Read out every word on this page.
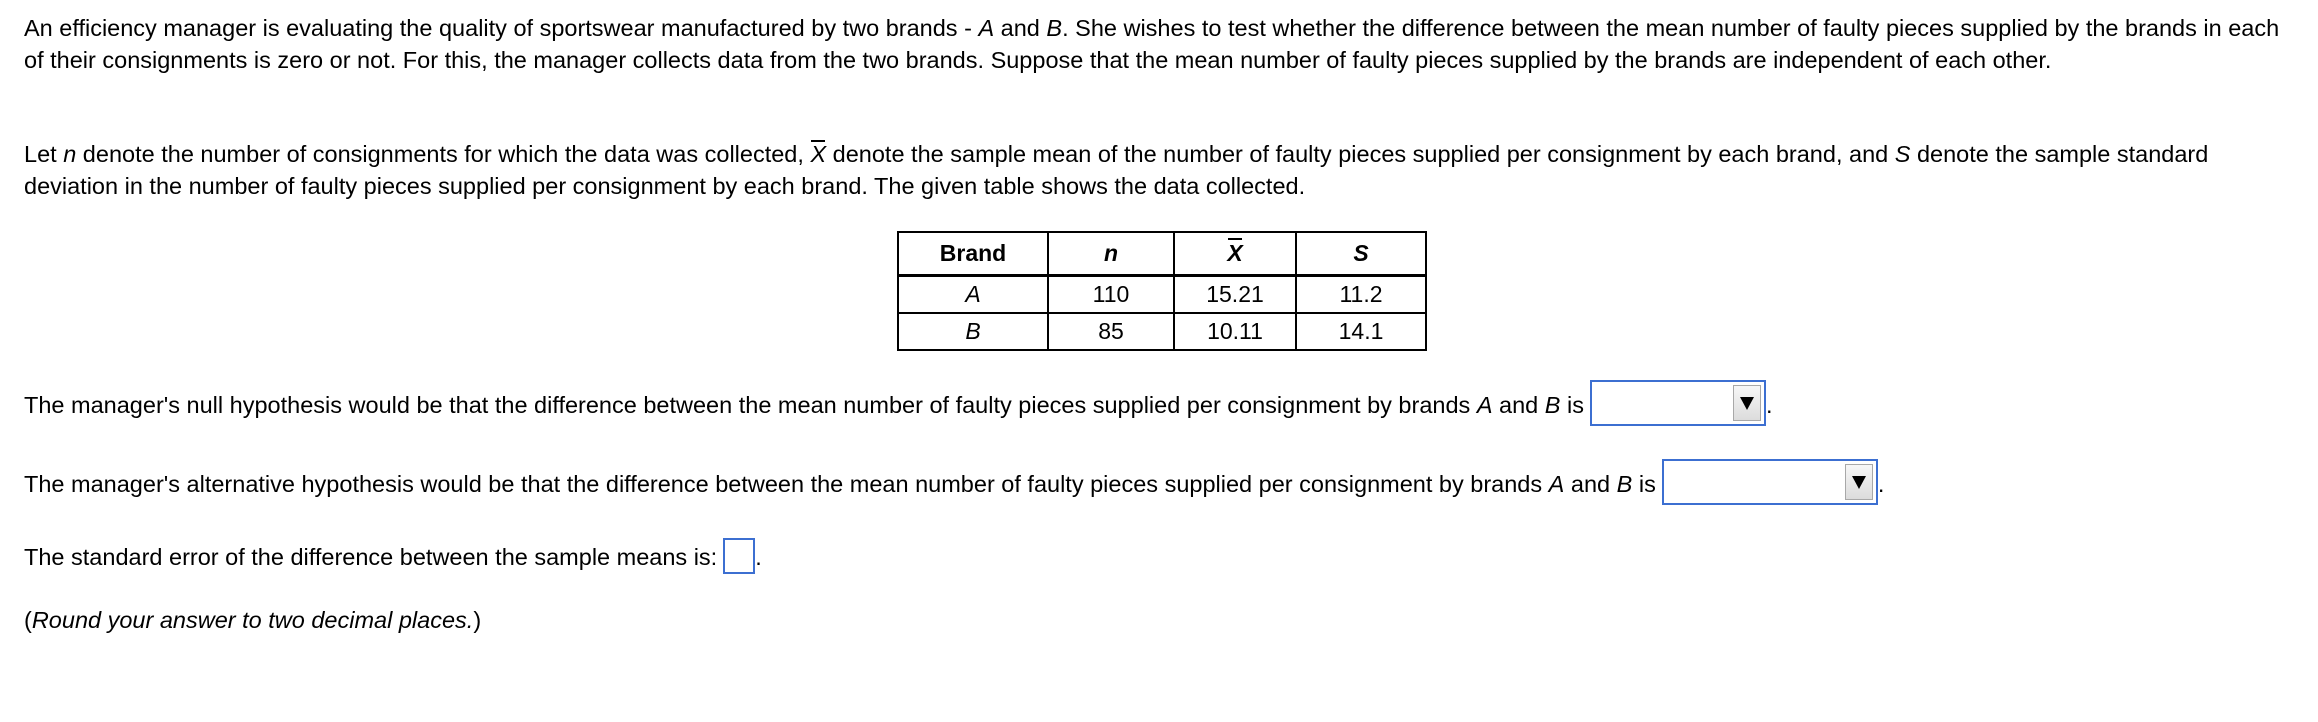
An efficiency manager is evaluating the quality of sportswear manufactured by two brands - A and B. She wishes to test whether the difference between the mean number of faulty pieces supplied by the brands in each of their consignments is zero or not. For this, the manager collects data from the two brands. Suppose that the mean number of faulty pieces supplied by the brands are independent of each other.

Let n denote the number of consignments for which the data was collected, X denote the sample mean of the number of faulty pieces supplied per consignment by each brand, and S denote the sample standard deviation in the number of faulty pieces supplied per consignment by each brand. The given table shows the data collected.

Brand	n	X	S
A	110	15.21	11.2
B	85	10.11	14.1
The manager's null hypothesis would be that the difference between the mean number of faulty pieces supplied per consignment by brands A and B is	.
The manager's alternative hypothesis would be that the difference between the mean number of faulty pieces supplied per consignment by brands A and B is	.
The standard error of the difference between the sample means is: .
(Round your answer to two decimal places.)
